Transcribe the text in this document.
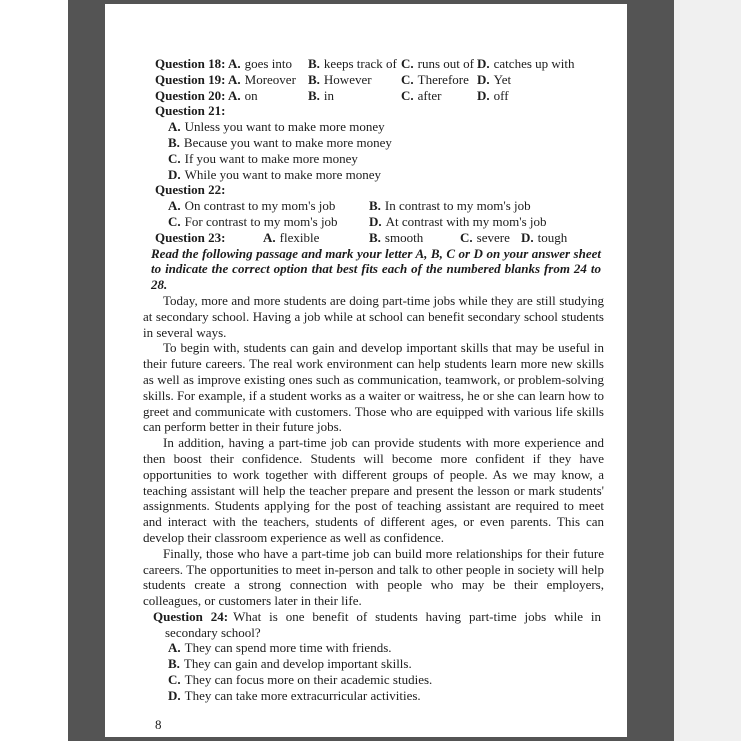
Question 18: A. goes into B. keeps track of C. runs out of D. catches up with
Question 19: A. Moreover B. However C. Therefore D. Yet
Question 20: A. on	B. in	C. after	D. off
Question 21:
A. Unless you want to make more money
B. Because you want to make more money
C. If you want to make more money
D. While you want to make more money
Question 22:
A. On contrast to my mom's job	B. In contrast to my mom's job
C. For contrast to my mom's job D. At contrast with my mom's job
Question 23:	A. flexible	B. smooth	C. severe D. tough

Read the following passage and mark your letter A, B, C or D on your answer sheet to indicate the correct option that best fits each of the numbered blanks from 24 to 28.

Today, more and more students are doing part-time jobs while they are still studying at secondary school. Having a job while at school can benefit secondary school students in several ways.

To begin with, students can gain and develop important skills that may be useful in their future careers. The real work environment can help students learn more new skills as well as improve existing ones such as communication, teamwork, or problem-solving skills. For example, if a student works as a waiter or waitress, he or she can learn how to greet and communicate with customers. Those who are equipped with various life skills can perform better in their future jobs.

In addition, having a part-time job can provide students with more experience and then boost their confidence. Students will become more confident if they have opportunities to work together with different groups of people. As we may know, a teaching assistant will help the teacher prepare and present the lesson or mark students' assignments. Students applying for the post of teaching assistant are required to meet and interact with the teachers, students of different ages, or even parents. This can develop their classroom experience as well as confidence.

Finally, those who have a part-time job can build more relationships for their future careers. The opportunities to meet in-person and talk to other people in society will help students create a strong connection with people who may be their employers, colleagues, or customers later in their life.

Question 24: What is one benefit of students having part-time jobs while in secondary school?

A. They can spend more time with friends.
B. They can gain and develop important skills.
C. They can focus more on their academic studies.
D. They can take more extracurricular activities.
8
